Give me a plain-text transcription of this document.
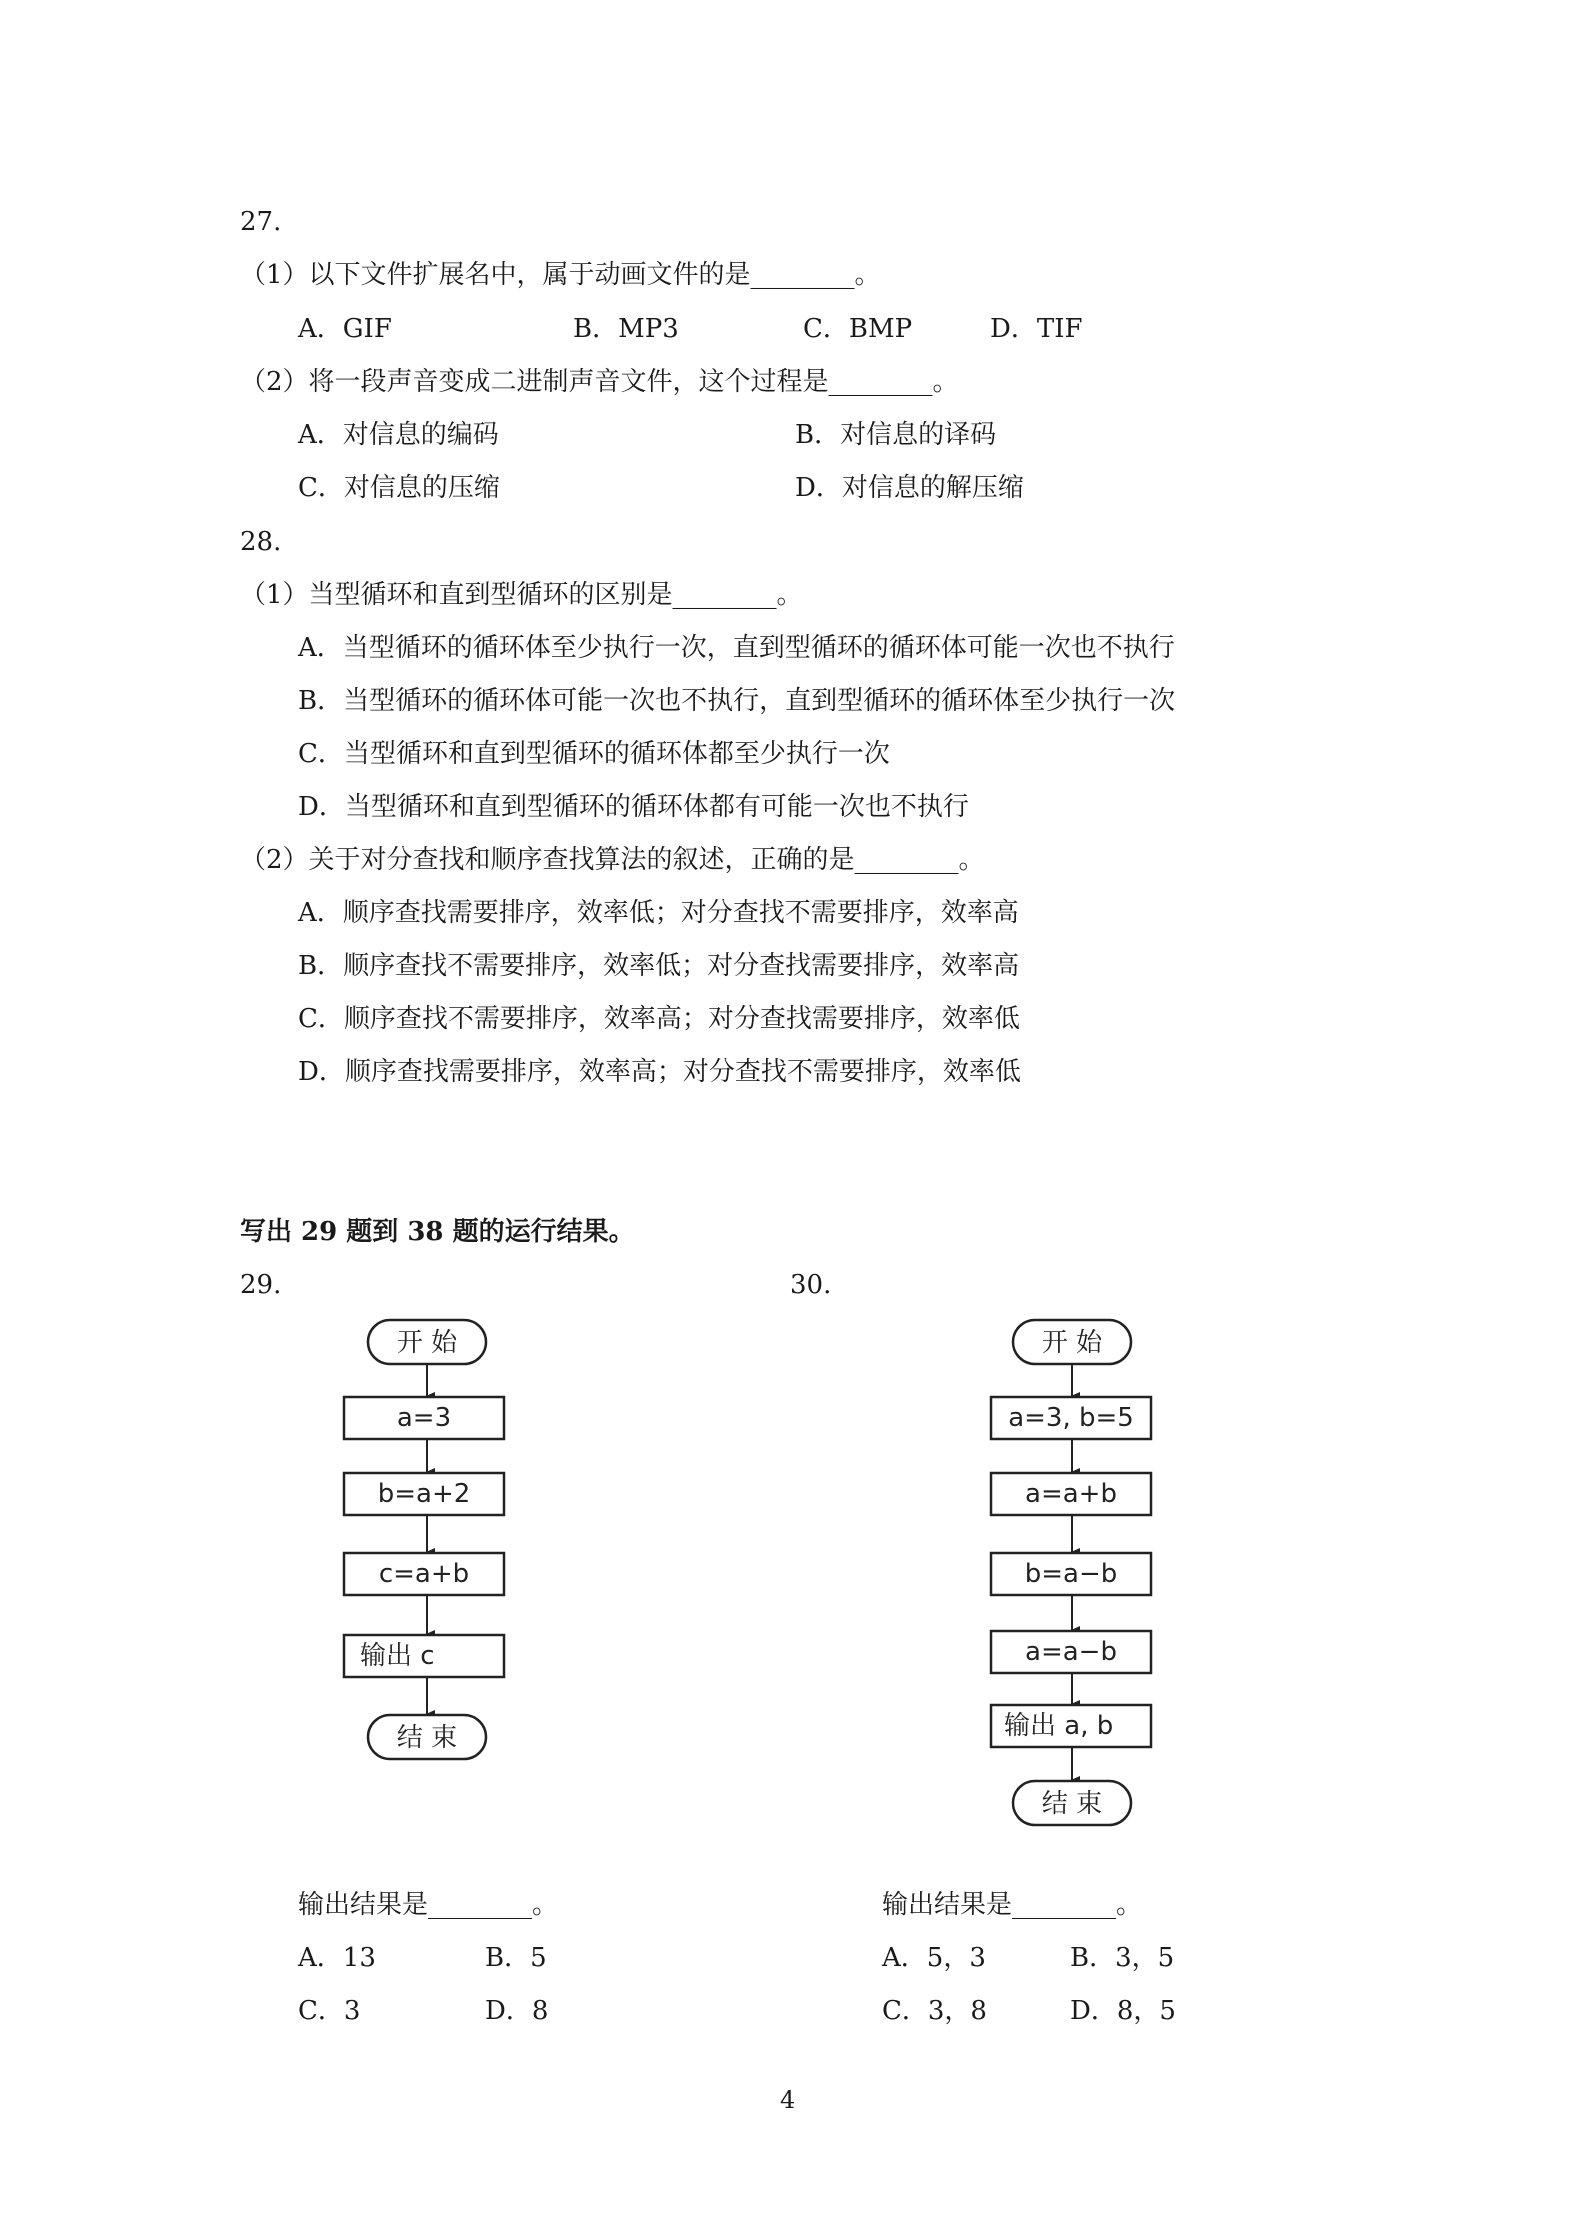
27.
（1）以下文件扩展名中，属于动画文件的是________。
A．GIF	B．MP3	C．BMP	D．TIF
（2）将一段声音变成二进制声音文件，这个过程是________。
A．对信息的编码	B．对信息的译码
C．对信息的压缩	D．对信息的解压缩
28.
（1）当型循环和直到型循环的区别是________。
A．当型循环的循环体至少执行一次，直到型循环的循环体可能一次也不执行
B．当型循环的循环体可能一次也不执行，直到型循环的循环体至少执行一次
C．当型循环和直到型循环的循环体都至少执行一次
D．当型循环和直到型循环的循环体都有可能一次也不执行
（2）关于对分查找和顺序查找算法的叙述，正确的是________。
A．顺序查找需要排序，效率低；对分查找不需要排序，效率高
B．顺序查找不需要排序，效率低；对分查找需要排序，效率高
C．顺序查找不需要排序，效率高；对分查找需要排序，效率低
D．顺序查找需要排序，效率高；对分查找不需要排序，效率低
写出 29 题到 38 题的运行结果。
29.
开 始
a=3
b=a+2
c=a+b
输出 c
结 束
输出结果是________。
A．13	B．5
C．3	D．8
30.
开 始
a=3, b=5
a=a+b
b=a−b
a=a−b
输出 a, b
结 束
输出结果是________。
A．5，3	B．3，5
C．3，8	D．8，5
4
